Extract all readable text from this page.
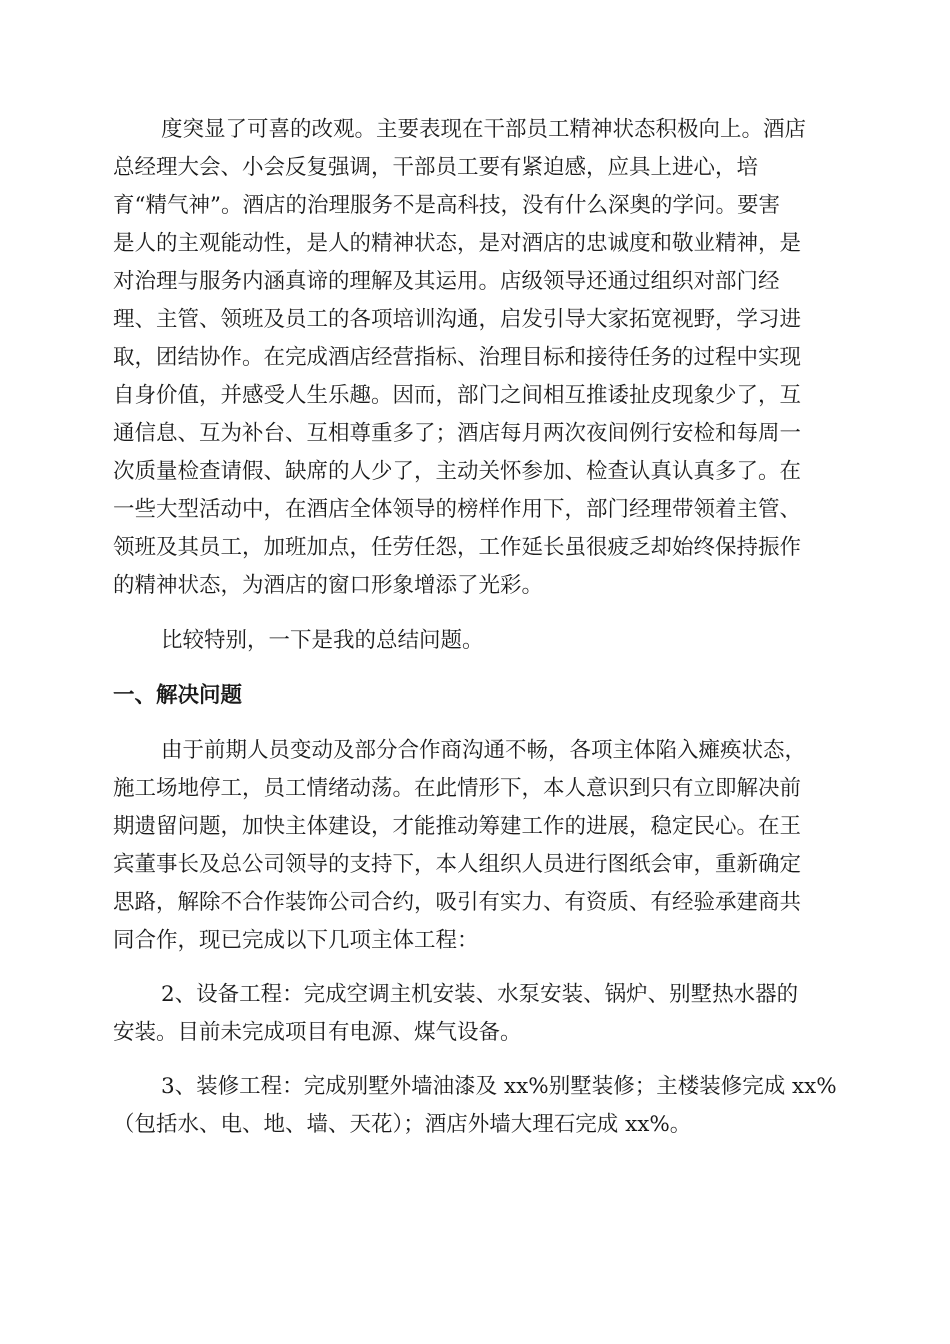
度突显了可喜的改观。主要表现在干部员工精神状态积极向上。酒店
总经理大会、小会反复强调，干部员工要有紧迫感，应具上进心，培
育“精气神”。酒店的治理服务不是高科技，没有什么深奥的学问。要害
是人的主观能动性，是人的精神状态，是对酒店的忠诚度和敬业精神，是
对治理与服务内涵真谛的理解及其运用。店级领导还通过组织对部门经
理、主管、领班及员工的各项培训沟通，启发引导大家拓宽视野，学习进
取，团结协作。在完成酒店经营指标、治理目标和接待任务的过程中实现
自身价值，并感受人生乐趣。因而，部门之间相互推诿扯皮现象少了，互
通信息、互为补台、互相尊重多了；酒店每月两次夜间例行安检和每周一
次质量检查请假、缺席的人少了，主动关怀参加、检查认真认真多了。在
一些大型活动中，在酒店全体领导的榜样作用下，部门经理带领着主管、
领班及其员工，加班加点，任劳任怨，工作延长虽很疲乏却始终保持振作
的精神状态，为酒店的窗口形象增添了光彩。
比较特别，一下是我的总结问题。
一、解决问题
由于前期人员变动及部分合作商沟通不畅，各项主体陷入瘫痪状态，
施工场地停工，员工情绪动荡。在此情形下，本人意识到只有立即解决前
期遗留问题，加快主体建设，才能推动筹建工作的进展，稳定民心。在王
宾董事长及总公司领导的支持下，本人组织人员进行图纸会审，重新确定
思路，解除不合作装饰公司合约，吸引有实力、有资质、有经验承建商共
同合作，现已完成以下几项主体工程：
2、设备工程：完成空调主机安装、水泵安装、锅炉、别墅热水器的
安装。目前未完成项目有电源、煤气设备。
3、装修工程：完成别墅外墙油漆及 xx%别墅装修；主楼装修完成 xx%
（包括水、电、地、墙、天花）；酒店外墙大理石完成 xx%。
